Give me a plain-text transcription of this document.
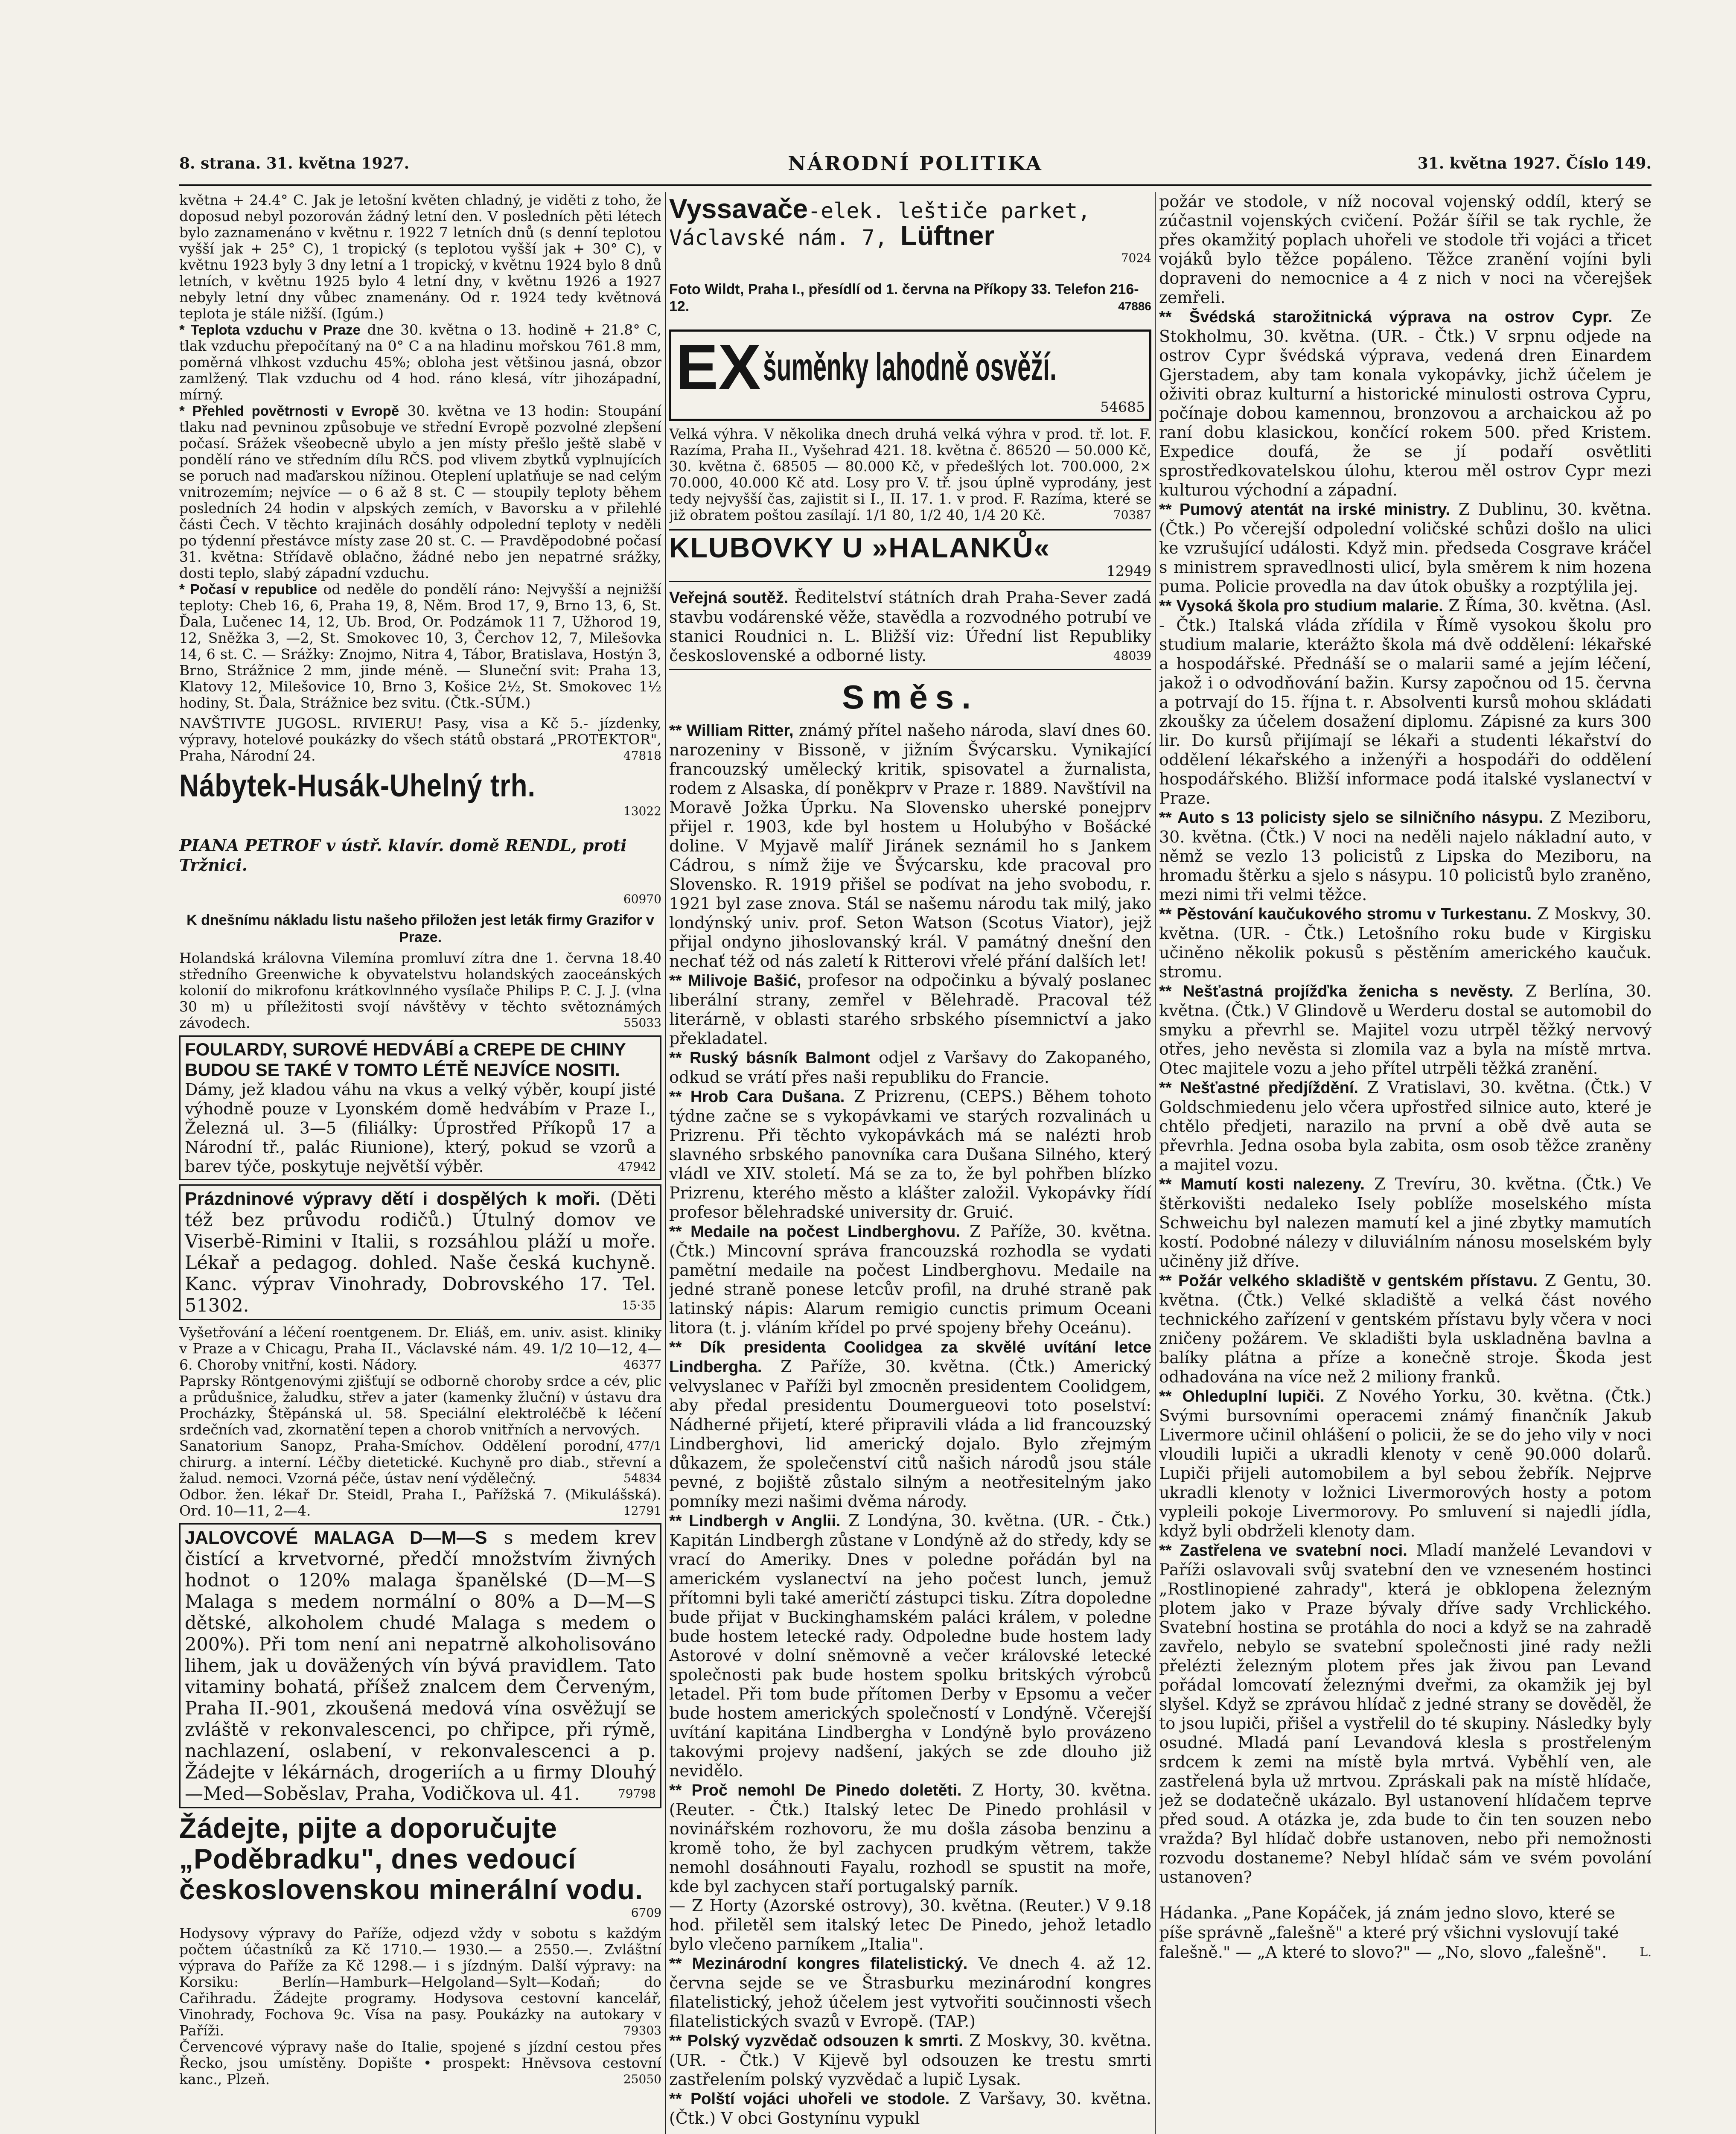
8. strana. 31. května 1927.	NÁRODNÍ POLITIKA	31. května 1927. Číslo 149.

května + 24.4° C. Jak je letošní květen chladný, je viděti z toho, že doposud nebyl pozorován žádný letní den. V posledních pěti létech bylo zaznamenáno v květnu r. 1922 7 letních dnů (s denní teplotou vyšší jak + 25° C), 1 tropický (s teplotou vyšší jak + 30° C), v květnu 1923 byly 3 dny letní a 1 tropický, v květnu 1924 bylo 8 dnů letních, v květnu 1925 bylo 4 letní dny, v květnu 1926 a 1927 nebyly letní dny vůbec znamenány. Od r. 1924 tedy květnová teplota je stále nižší. (Igúm.)

* Teplota vzduchu v Praze dne 30. května o 13. hodině + 21.8° C, tlak vzduchu přepočítaný na 0° C a na hladinu mořskou 761.8 mm, poměrná vlhkost vzduchu 45%; obloha jest většinou jasná, obzor zamlžený. Tlak vzduchu od 4 hod. ráno klesá, vítr jihozápadní, mírný.

* Přehled povětrnosti v Evropě 30. května ve 13 hodin: Stoupání tlaku nad pevninou způsobuje ve střední Evropě pozvolné zlepšení počasí. Srážek všeobecně ubylo a jen místy přešlo ještě slabě v pondělí ráno ve středním dílu RČS. pod vlivem zbytků vyplnujících se poruch nad maďarskou nížinou. Oteplení uplatňuje se nad celým vnitrozemím; nejvíce — o 6 až 8 st. C — stoupily teploty během posledních 24 hodin v alpských zemích, v Bavorsku a v přilehlé části Čech. V těchto krajinách dosáhly odpolední teploty v neděli po týdenní přestávce místy zase 20 st. C. — Pravděpodobné počasí 31. května: Střídavě oblačno, žádné nebo jen nepatrné srážky, dosti teplo, slabý západní vzduchu.

* Počasí v republice od neděle do pondělí ráno: Nejvyšší a nejnižší teploty: Cheb 16, 6, Praha 19, 8, Něm. Brod 17, 9, Brno 13, 6, St. Ďala, Lučenec 14, 12, Ub. Brod, Or. Podzámok 11 7, Užhorod 19, 12, Sněžka 3, —2, St. Smokovec 10, 3, Čerchov 12, 7, Milešovka 14, 6 st. C. — Srážky: Znojmo, Nitra 4, Tábor, Bratislava, Hostýn 3, Brno, Strážnice 2 mm, jinde méně. — Sluneční svit: Praha 13, Klatovy 12, Milešovice 10, Brno 3, Košice 2½, St. Smokovec 1½ hodiny, St. Ďala, Strážnice bez svitu. (Čtk.-SÚM.)

NAVŠTIVTE JUGOSL. RIVIERU! Pasy, visa a Kč 5.- jízdenky, výpravy, hotelové poukázky do všech států obstará „PROTEKTOR", Praha, Národní 24.	47818

Nábytek-Husák-Uhelný trh.

13022

PIANA PETROF v ústř. klavír. domě RENDL, proti Tržnici.

60970

K dnešnímu nákladu listu našeho přiložen jest leták firmy Grazifor v Praze.

Holandská královna Vilemína promluví zítra dne 1. června 18.40 středního Greenwiche k obyvatelstvu holandských zaoceánských kolonií do mikrofonu krátkovlnného vysílače Philips P. C. J. J. (vlna 30 m) u příležitosti svojí návštěvy v těchto světoznámých závodech.	55033

FOULARDY, SUROVÉ HEDVÁBÍ a CREPE DE CHINY BUDOU SE TAKÉ V TOMTO LÉTĚ NEJVÍCE NOSITI.

Dámy, jež kladou váhu na vkus a velký výběr, koupí jisté výhodně pouze v Lyonském domě hedvábím v Praze I., Železná ul. 3—5 (filiálky: Úprostřed Příkopů 17 a Národní tř., palác Riunione), který, pokud se vzorů a barev týče, poskytuje největší výběr.	47942

Prázdninové výpravy dětí i dospělých k moři. (Děti též bez průvodu rodičů.) Útulný domov ve Viserbě-Rimini v Italii, s rozsáhlou pláží u moře. Lékař a pedagog. dohled. Naše česká kuchyně. Kanc. výprav Vinohrady, Dobrovského 17. Tel. 51302.	15·35

Vyšetřování a léčení roentgenem. Dr. Eliáš, em. univ. asist. kliniky v Praze a v Chicagu, Praha II., Václavské nám. 49. 1/2 10—12, 4—6. Choroby vnitřní, kosti. Nádory.	46377

Paprsky Röntgenovými zjišťují se odborně choroby srdce a cév, plic a průdušnice, žaludku, střev a jater (kamenky žluční) v ústavu dra Procházky, Štěpánská ul. 58. Speciální elektroléčbě k léčení srdečních vad, zkornatění tepen a chorob vnitřních a nervových.
477/1

Sanatorium Sanopz, Praha-Smíchov. Oddělení porodní, chirurg. a interní. Léčby dietetické. Kuchyně pro diab., střevní a žalud. nemoci. Vzorná péče, ústav není výdělečný.	54834

Odbor. žen. lékař Dr. Steidl, Praha I., Pařížská 7. (Mikulášská). Ord. 10—11, 2—4.	12791

JALOVCOVÉ MALAGA D—M—S s medem krev čistící a krvetvorné, předčí množstvím živných hodnot o 120% malaga španělské (D—M—S Malaga s medem normální o 80% a D—M—S dětské, alkoholem chudé Malaga s medem o 200%). Při tom není ani nepatrně alkoholisováno lihem, jak u doväžených vín bývá pravidlem. Tato vitaminy bohatá, příšež znalcem dem Červeným, Praha II.-901, zkoušená medová vína osvěžují se zvláště v rekonvalescenci, po chřipce, při rýmě, nachlazení, oslabení, v rekonvalescenci a p. Žádejte v lékárnách, drogeriích a u firmy Dlouhý—Med—Soběslav, Praha, Vodičkova ul. 41.	79798

Žádejte, pijte a doporučujte „Poděbradku", dnes vedoucí československou minerální vodu.

6709

Hodysovy výpravy do Paříže, odjezd vždy v sobotu s každým počtem účastníků za Kč 1710.— 1930.— a 2550.—. Zvláštní výprava do Paříže za Kč 1298.— i s jízdným. Další výpravy: na Korsiku: Berlín—Hamburk—Helgoland—Sylt—Kodaň; do Cařihradu. Žádejte programy. Hodysova cestovní kancelář, Vinohrady, Fochova 9c. Vísa na pasy. Poukázky na autokary v Paříži.	79303

Červencové výpravy naše do Italie, spojené s jízdní cestou přes Řecko, jsou umístěny. Dopište • prospekt: Hněvsova cestovní kanc., Plzeň.	25050

Vyssavače-elek. leštiče parket, Václavské nám. 7, Lüftner

7024

Foto Wildt, Praha I., přesídlí od 1. června na Příkopy 33. Telefon 216-12.	47886

EX šuměnky lahodně osvěží.

54685

Velká výhra. V několika dnech druhá velká výhra v prod. tř. lot. F. Razíma, Praha II., Vyšehrad 421. 18. května č. 86520 — 50.000 Kč, 30. května č. 68505 — 80.000 Kč, v předešlých lot. 700.000, 2× 70.000, 40.000 Kč atd. Losy pro V. tř. jsou úplně vyprodány, jest tedy nejvyšší čas, zajistit si I., II. 17. 1. v prod. F. Razíma, které se již obratem poštou zasílají. 1/1 80, 1/2 40, 1/4 20 Kč.	70387

KLUBOVKY U »HALANKŮ«

12949

Veřejná soutěž. Ředitelství státních drah Praha-Sever zadá stavbu vodárenské věže, stavědla a rozvodného potrubí ve stanici Roudnici n. L. Bližší viz: Úřední list Republiky československé a odborné listy.	48039

Směs.

** William Ritter, známý přítel našeho národa, slaví dnes 60. narozeniny v Bissoně, v jižním Švýcarsku. Vynikající francouzský umělecký kritik, spisovatel a žurnalista, rodem z Alsaska, dí poněkprv v Praze r. 1889. Navštívil na Moravě Jožka Úprku. Na Slovensko uherské ponejprv přijel r. 1903, kde byl hostem u Holubýho v Bošácké doline. V Myjavě malíř Jiránek seznámil ho s Jankem Cádrou, s nímž žije ve Švýcarsku, kde pracoval pro Slovensko. R. 1919 přišel se podívat na jeho svobodu, r. 1921 byl zase znova. Stál se našemu národu tak milý, jako londýnský univ. prof. Seton Watson (Scotus Viator), jejž přijal ondyno jihoslovanský král. V památný dnešní den nechať též od nás zaletí k Ritterovi vřelé přání dalších let!

** Milivoje Bašić, profesor na odpočinku a bývalý poslanec liberální strany, zemřel v Bělehradě. Pracoval též literárně, v oblasti starého srbského písemnictví a jako překladatel.

** Ruský básník Balmont odjel z Varšavy do Zakopaného, odkud se vrátí přes naši republiku do Francie.

** Hrob Cara Dušana. Z Prizrenu, (CEPS.) Během tohoto týdne začne se s vykopávkami ve starých rozvalinách u Prizrenu. Při těchto vykopávkách má se nalézti hrob slavného srbského panovníka cara Dušana Silného, který vládl ve XIV. století. Má se za to, že byl pohřben blízko Prizrenu, kterého město a klášter založil. Vykopávky řídí profesor bělehradské university dr. Gruić.

** Medaile na počest Lindberghovu. Z Paříže, 30. května. (Čtk.) Mincovní správa francouzská rozhodla se vydati pamětní medaile na počest Lindberghovu. Medaile na jedné straně ponese letcův profil, na druhé straně pak latinský nápis: Alarum remigio cunctis primum Oceani litora (t. j. vláním křídel po prvé spojeny břehy Oceánu).

** Dík presidenta Coolidgea za skvělé uvítání letce Lindbergha. Z Paříže, 30. května. (Čtk.) Americký velvyslanec v Paříži byl zmocněn presidentem Coolidgem, aby předal presidentu Doumergueovi toto poselství: Nádherné přijetí, které připravili vláda a lid francouzský Lindberghovi, lid americký dojalo. Bylo zřejmým důkazem, že společenství citů našich národů jsou stále pevné, z bojiště zůstalo silným a neotřesitelným jako pomníky mezi našimi dvěma národy.

** Lindbergh v Anglii. Z Londýna, 30. května. (UR. - Čtk.) Kapitán Lindbergh zůstane v Londýně až do středy, kdy se vrací do Ameriky. Dnes v poledne pořádán byl na americkém vyslanectví na jeho počest lunch, jemuž přítomni byli také američtí zástupci tisku. Zítra dopoledne bude přijat v Buckinghamském paláci králem, v poledne bude hostem letecké rady. Odpoledne bude hostem lady Astorové v dolní sněmovně a večer královské letecké společnosti pak bude hostem spolku britských výrobců letadel. Při tom bude přítomen Derby v Epsomu a večer bude hostem amerických společností v Londýně. Včerejší uvítání kapitána Lindbergha v Londýně bylo provázeno takovými projevy nadšení, jakých se zde dlouho již nevidělo.

** Proč nemohl De Pinedo doletěti. Z Horty, 30. května. (Reuter. - Čtk.) Italský letec De Pinedo prohlásil v novinářském rozhovoru, že mu došla zásoba benzinu a kromě toho, že byl zachycen prudkým větrem, takže nemohl dosáhnouti Fayalu, rozhodl se spustit na moře, kde byl zachycen staří portugalský parník.

— Z Horty (Azorské ostrovy), 30. května. (Reuter.) V 9.18 hod. přiletěl sem italský letec De Pinedo, jehož letadlo bylo vlečeno parníkem „Italia".

** Mezinárodní kongres filatelistický. Ve dnech 4. až 12. června sejde se ve Štrasburku mezinárodní kongres filatelistický, jehož účelem jest vytvořiti součinnosti všech filatelistických svazů v Evropě. (TAP.)

** Polský vyzvědač odsouzen k smrti. Z Moskvy, 30. května. (UR. - Čtk.) V Kijevě byl odsouzen ke trestu smrti zastřelením polský vyzvědač a lupič Lysak.

** Polští vojáci uhořeli ve stodole. Z Varšavy, 30. května. (Čtk.) V obci Gostynínu vypukl

požár ve stodole, v níž nocoval vojenský oddíl, který se zúčastnil vojenských cvičení. Požár šířil se tak rychle, že přes okamžitý poplach uhořeli ve stodole tři vojáci a třicet vojáků bylo těžce popáleno. Těžce zranění vojíni byli dopraveni do nemocnice a 4 z nich v noci na včerejšek zemřeli.

** Švédská starožitnická výprava na ostrov Cypr. Ze Stokholmu, 30. května. (UR. - Čtk.) V srpnu odjede na ostrov Cypr švédská výprava, vedená dren Einardem Gjerstadem, aby tam konala vykopávky, jichž účelem je oživiti obraz kulturní a historické minulosti ostrova Cypru, počínaje dobou kamennou, bronzovou a archaickou až po raní dobu klasickou, končící rokem 500. před Kristem. Expedice doufá, že se jí podaří osvětliti sprostředkovatelskou úlohu, kterou měl ostrov Cypr mezi kulturou východní a západní.

** Pumový atentát na irské ministry. Z Dublinu, 30. května. (Čtk.) Po včerejší odpolední voličské schůzi došlo na ulici ke vzrušující události. Když min. předseda Cosgrave kráčel s ministrem spravedlnosti ulicí, byla směrem k nim hozena puma. Policie provedla na dav útok obušky a rozptýlila jej.

** Vysoká škola pro studium malarie. Z Říma, 30. května. (Asl. - Čtk.) Italská vláda zřídila v Římě vysokou školu pro studium malarie, kterážto škola má dvě oddělení: lékařské a hospodářské. Přednáší se o malarii samé a jejím léčení, jakož i o odvodňování bažin. Kursy započnou od 15. června a potrvají do 15. října t. r. Absolventi kursů mohou skládati zkoušky za účelem dosažení diplomu. Zápisné za kurs 300 lir. Do kursů přijímají se lékaři a studenti lékařství do oddělení lékařského a inženýři a hospodáři do oddělení hospodářského. Bližší informace podá italské vyslanectví v Praze.

** Auto s 13 policisty sjelo se silničního násypu. Z Meziboru, 30. května. (Čtk.) V noci na neděli najelo nákladní auto, v němž se vezlo 13 policistů z Lipska do Meziboru, na hromadu štěrku a sjelo s násypu. 10 policistů bylo zraněno, mezi nimi tři velmi těžce.

** Pěstování kaučukového stromu v Turkestanu. Z Moskvy, 30. května. (UR. - Čtk.) Letošního roku bude v Kirgisku učiněno několik pokusů s pěstěním amerického kaučuk. stromu.

** Nešťastná projížďka ženicha s nevěsty. Z Berlína, 30. května. (Čtk.) V Glindově u Werderu dostal se automobil do smyku a převrhl se. Majitel vozu utrpěl těžký nervový otřes, jeho nevěsta si zlomila vaz a byla na místě mrtva. Otec majitele vozu a jeho přítel utrpěli těžká zranění.

** Nešťastné předjíždění. Z Vratislavi, 30. května. (Čtk.) V Goldschmiedenu jelo včera upřostřed silnice auto, které je chtělo předjeti, narazilo na první a obě dvě auta se převrhla. Jedna osoba byla zabita, osm osob těžce zraněny a majitel vozu.

** Mamutí kosti nalezeny. Z Trevíru, 30. května. (Čtk.) Ve štěrkovišti nedaleko Isely poblíže moselského místa Schweichu byl nalezen mamutí kel a jiné zbytky mamutích kostí. Podobné nálezy v diluviálním nánosu moselském byly učiněny již dříve.

** Požár velkého skladiště v gentském přístavu. Z Gentu, 30. května. (Čtk.) Velké skladiště a velká část nového technického zařízení v gentském přístavu byly včera v noci zničeny požárem. Ve skladišti byla uskladněna bavlna a balíky plátna a příze a konečně stroje. Škoda jest odhadována na více než 2 miliony franků.

** Ohleduplní lupiči. Z Nového Yorku, 30. května. (Čtk.) Svými bursovními operacemi známý finančník Jakub Livermore učinil ohlášení o policii, že se do jeho vily v noci vloudili lupiči a ukradli klenoty v ceně 90.000 dolarů. Lupiči přijeli automobilem a byl sebou žebřík. Nejprve ukradli klenoty v ložnici Livermorových hosty a potom vypleili pokoje Livermorovy. Po smluvení si najedli jídla, když byli obdrželi klenoty dam.

** Zastřelena ve svatební noci. Mladí manželé Levandovi v Paříži oslavovali svůj svatební den ve vzneseném hostinci „Rostlinopiené zahrady", která je obklopena železným plotem jako v Praze bývaly dříve sady Vrchlického. Svatební hostina se protáhla do noci a když se na zahradě zavřelo, nebylo se svatební společnosti jiné rady nežli přelézti železným plotem přes jak živou pan Levand pořádal lomcovatí železnými dveřmi, za okamžik jej byl slyšel. Když se zprávou hlídač z jedné strany se dověděl, že to jsou lupiči, přišel a vystřelil do té skupiny. Následky byly osudné. Mladá paní Levandová klesla s prostřeleným srdcem k zemi na místě byla mrtvá. Vyběhlí ven, ale zastřelená byla už mrtvou. Zpráskali pak na místě hlídače, jež se dodatečně ukázalo. Byl ustanovení hlídačem teprve před soud. A otázka je, zda bude to čin ten souzen nebo vražda? Byl hlídač dobře ustanoven, nebo při nemožnosti rozvodu dostaneme? Nebyl hlídač sám ve svém povolání ustanoven?

Hádanka. „Pane Kopáček, já znám jedno slovo, které se píše správně „falešně" a které prý všichni vyslovují také falešně." — „A které to slovo?" — „No, slovo „falešně".	L.
